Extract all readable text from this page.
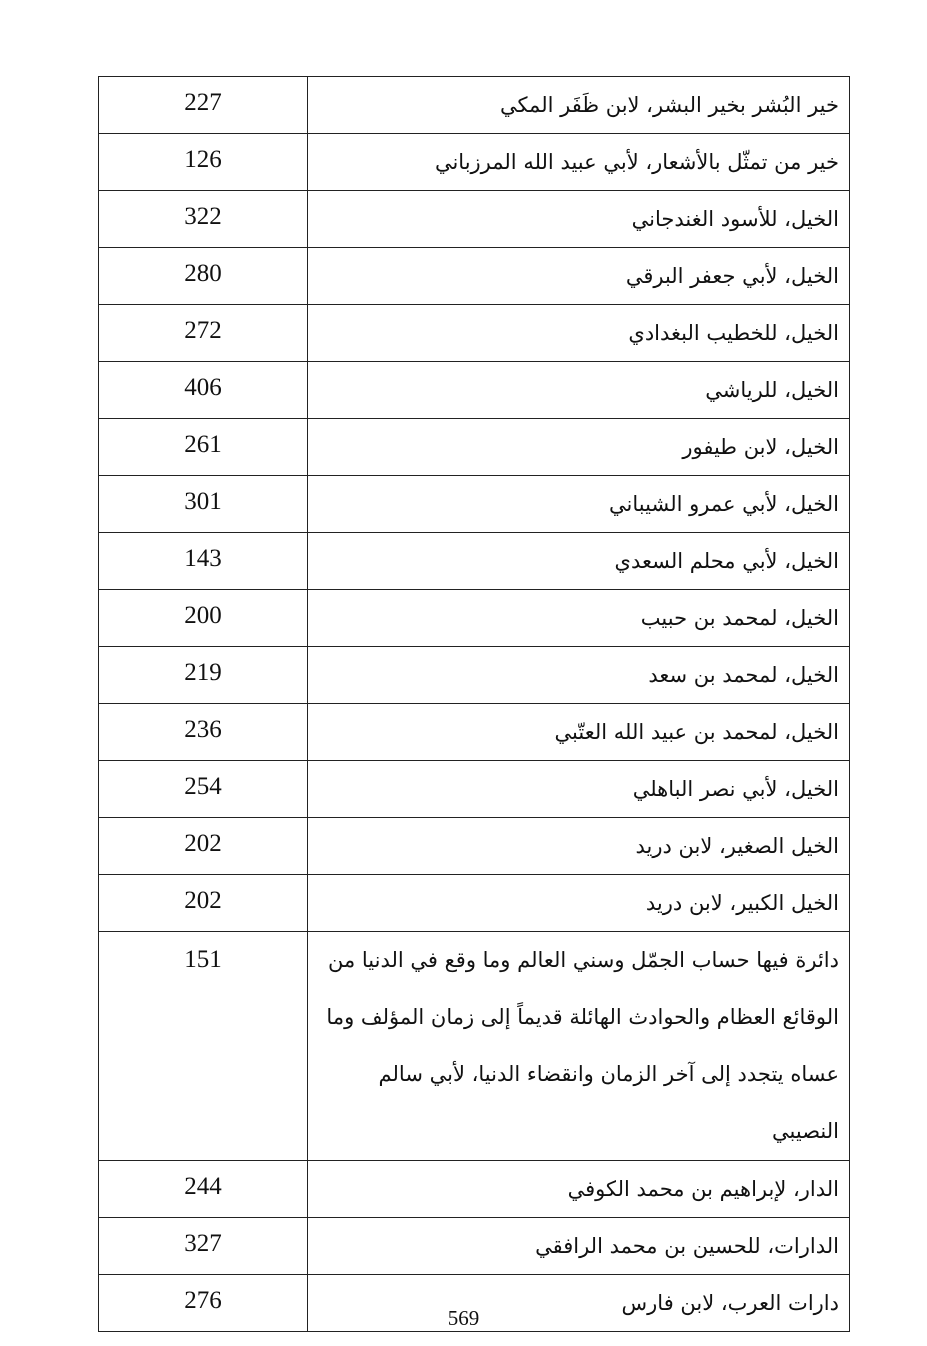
227	خير البُشر بخير البشر، لابن ظَفَر المكي
126	خير من تمثّل بالأشعار، لأبي عبيد الله المرزباني
322	الخيل، للأسود الغندجاني
280	الخيل، لأبي جعفر البرقي
272	الخيل، للخطيب البغدادي
406	الخيل، للرياشي
261	الخيل، لابن طيفور
301	الخيل، لأبي عمرو الشيباني
143	الخيل، لأبي محلم السعدي
200	الخيل، لمحمد بن حبيب
219	الخيل، لمحمد بن سعد
236	الخيل، لمحمد بن عبيد الله العتّبي
254	الخيل، لأبي نصر الباهلي
202	الخيل الصغير، لابن دريد
202	الخيل الكبير، لابن دريد
151	دائرة فيها حساب الجمّل وسني العالم وما وقع في الدنيا من الوقائع العظام والحوادث الهائلة قديماً إلى زمان المؤلف وما عساه يتجدد إلى آخر الزمان وانقضاء الدنيا، لأبي سالم النصيبي
244	الدار، لإبراهيم بن محمد الكوفي
327	الدارات، للحسين بن محمد الرافقي
276	دارات العرب، لابن فارس
569
